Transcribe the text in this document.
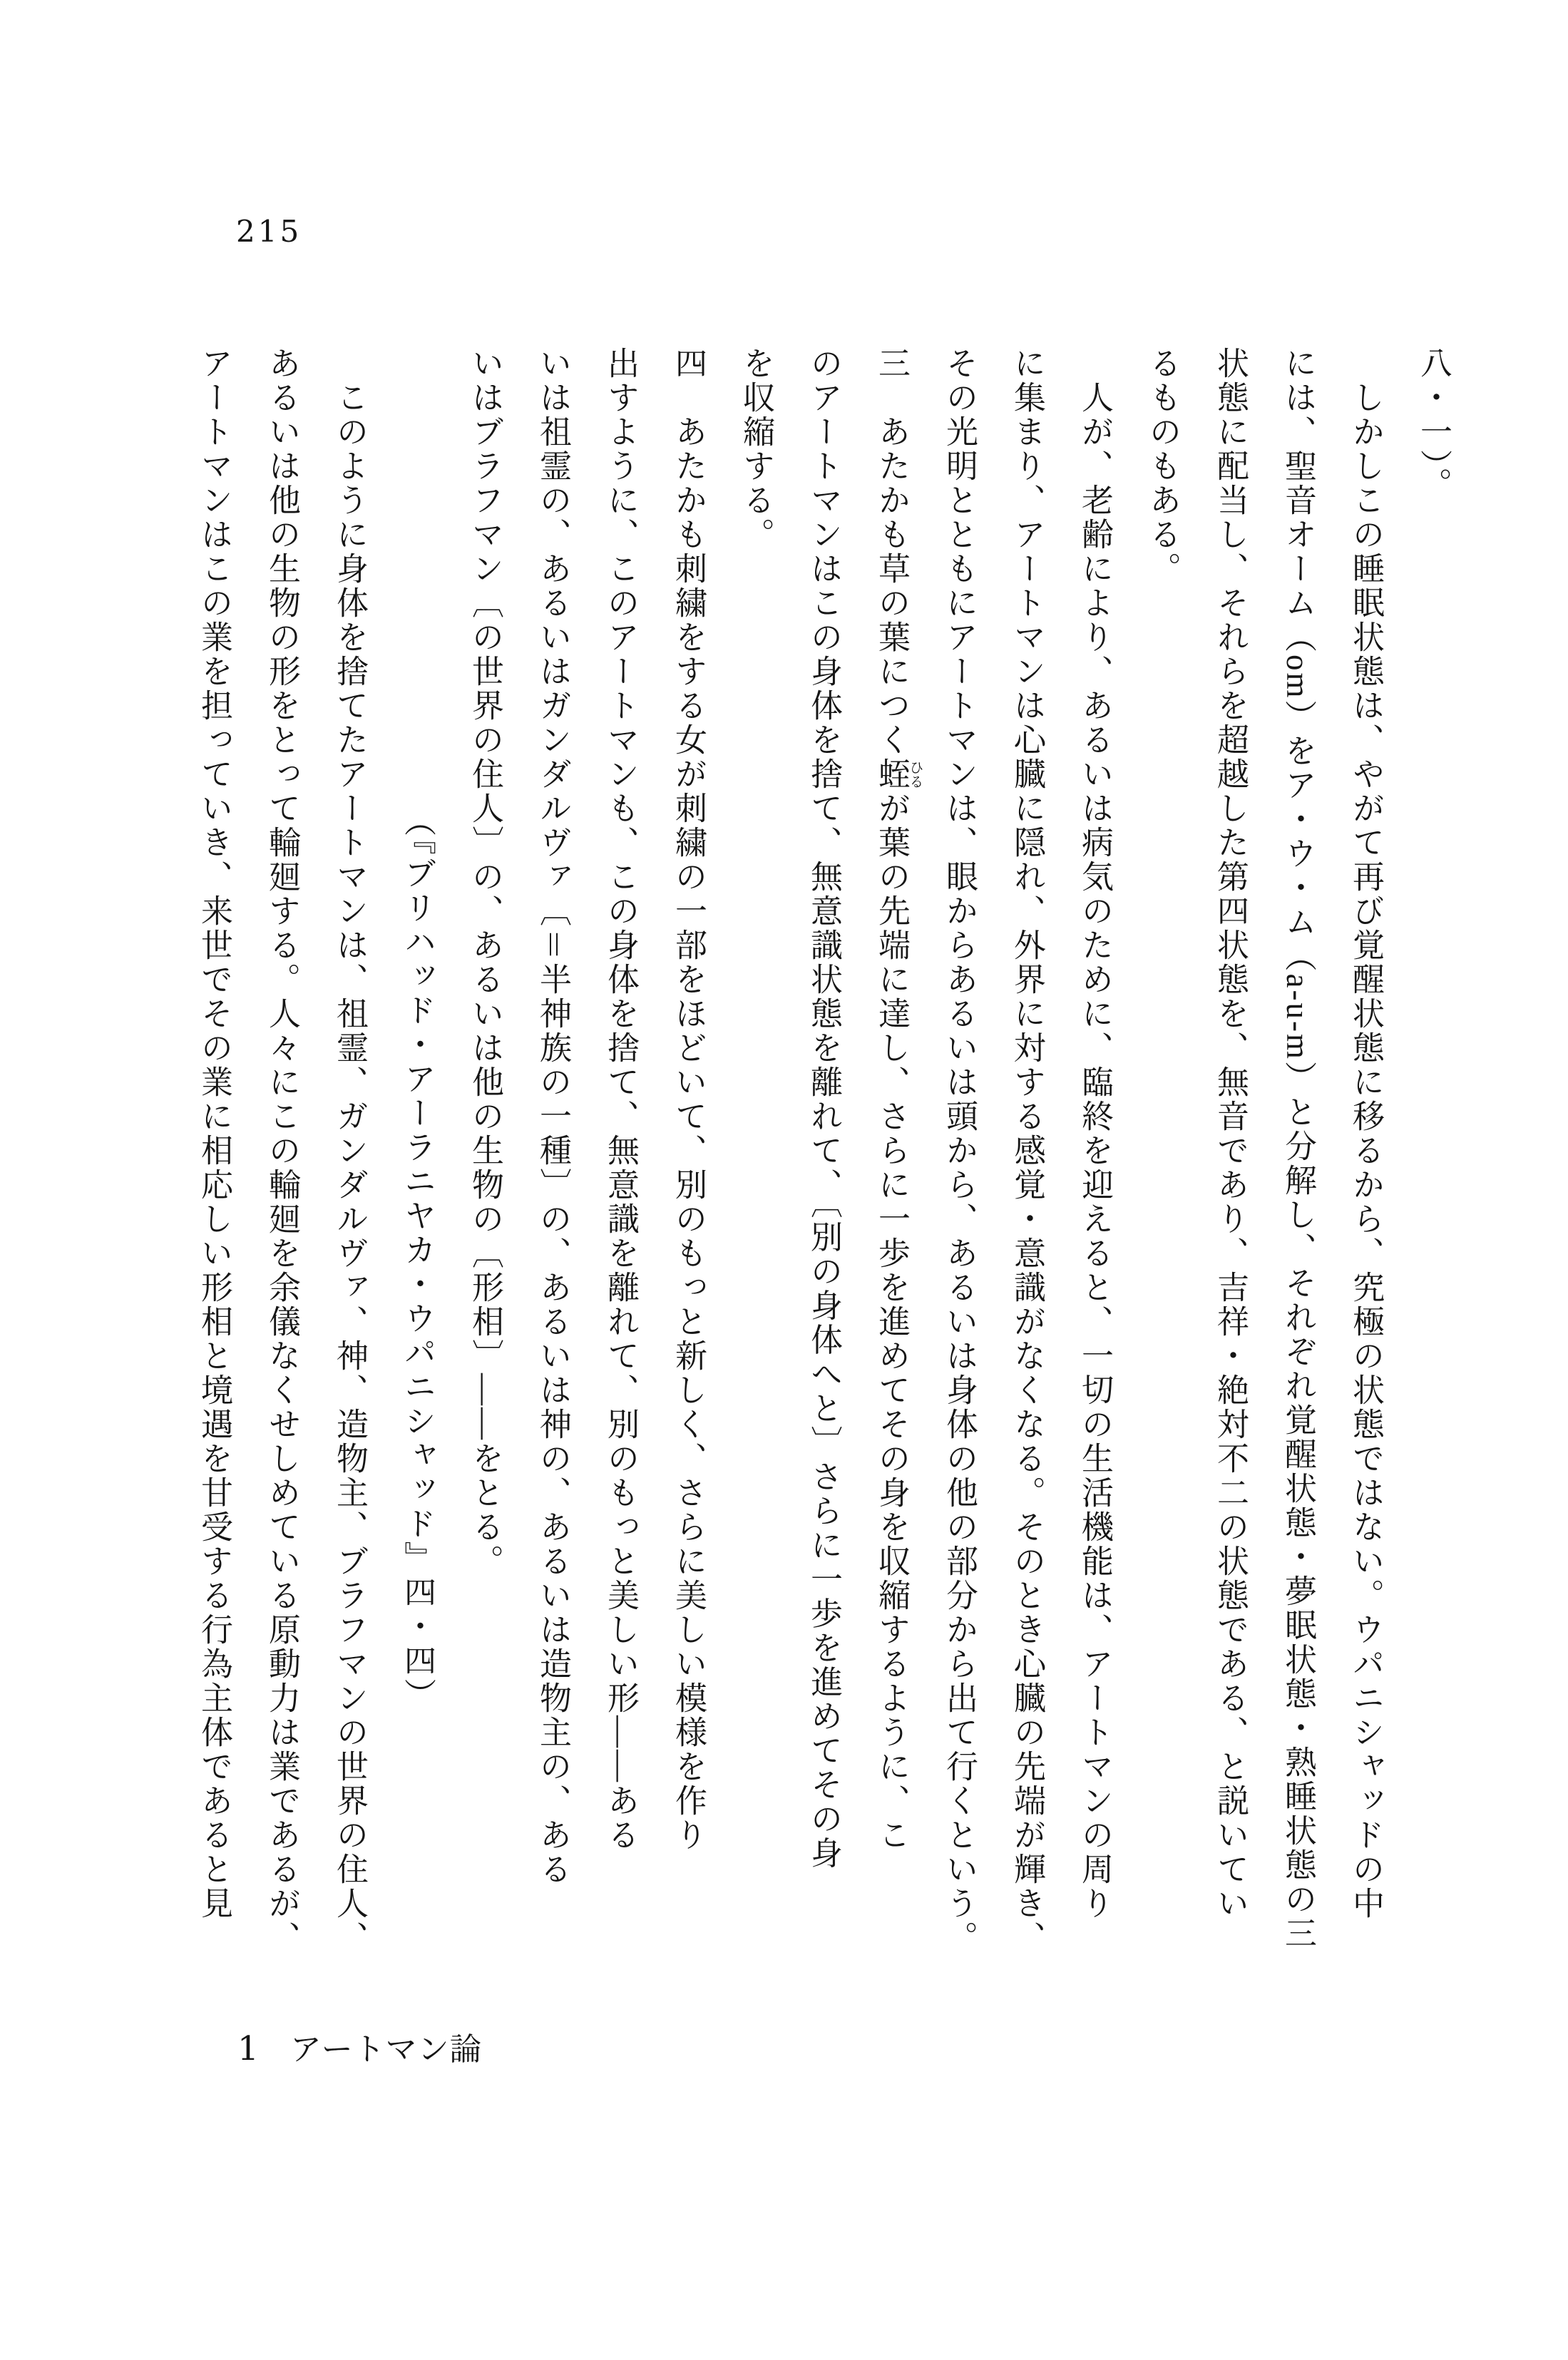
215

八・一）。

しかしこの睡眠状態は、やがて再び覚醒状態に移るから、究極の状態ではない。ウパニシャッドの中

には、聖音オーム（om）をア・ウ・ム（a-u-m）と分解し、それぞれ覚醒状態・夢眠状態・熟睡状態の三

状態に配当し、それらを超越した第四状態を、無音であり、吉祥・絶対不二の状態である、と説いてい

るものもある。

人が、老齢により、あるいは病気のために、臨終を迎えると、一切の生活機能は、アートマンの周り

に集まり、アートマンは心臓に隠れ、外界に対する感覚・意識がなくなる。そのとき心臓の先端が輝き、

その光明とともにアートマンは、眼からあるいは頭から、あるいは身体の他の部分から出て行くという。

三　あたかも草の葉につく蛭ひるが葉の先端に達し、さらに一歩を進めてその身を収縮するように、こ

のアートマンはこの身体を捨て、無意識状態を離れて、〔別の身体へと〕さらに一歩を進めてその身

を収縮する。

四　あたかも刺繍をする女が刺繍の一部をほどいて、別のもっと新しく、さらに美しい模様を作り

出すように、このアートマンも、この身体を捨て、無意識を離れて、別のもっと美しい形――ある

いは祖霊の、あるいはガンダルヴァ〔＝半神族の一種〕の、あるいは神の、あるいは造物主の、ある

いはブラフマン〔の世界の住人〕の、あるいは他の生物の〔形相〕――をとる。

（『ブリハッド・アーラニヤカ・ウパニシャッド』四・四）

このように身体を捨てたアートマンは、祖霊、ガンダルヴァ、神、造物主、ブラフマンの世界の住人、

あるいは他の生物の形をとって輪廻する。人々にこの輪廻を余儀なくせしめている原動力は業であるが、

アートマンはこの業を担っていき、来世でその業に相応しい形相と境遇を甘受する行為主体であると見

1 アートマン論
